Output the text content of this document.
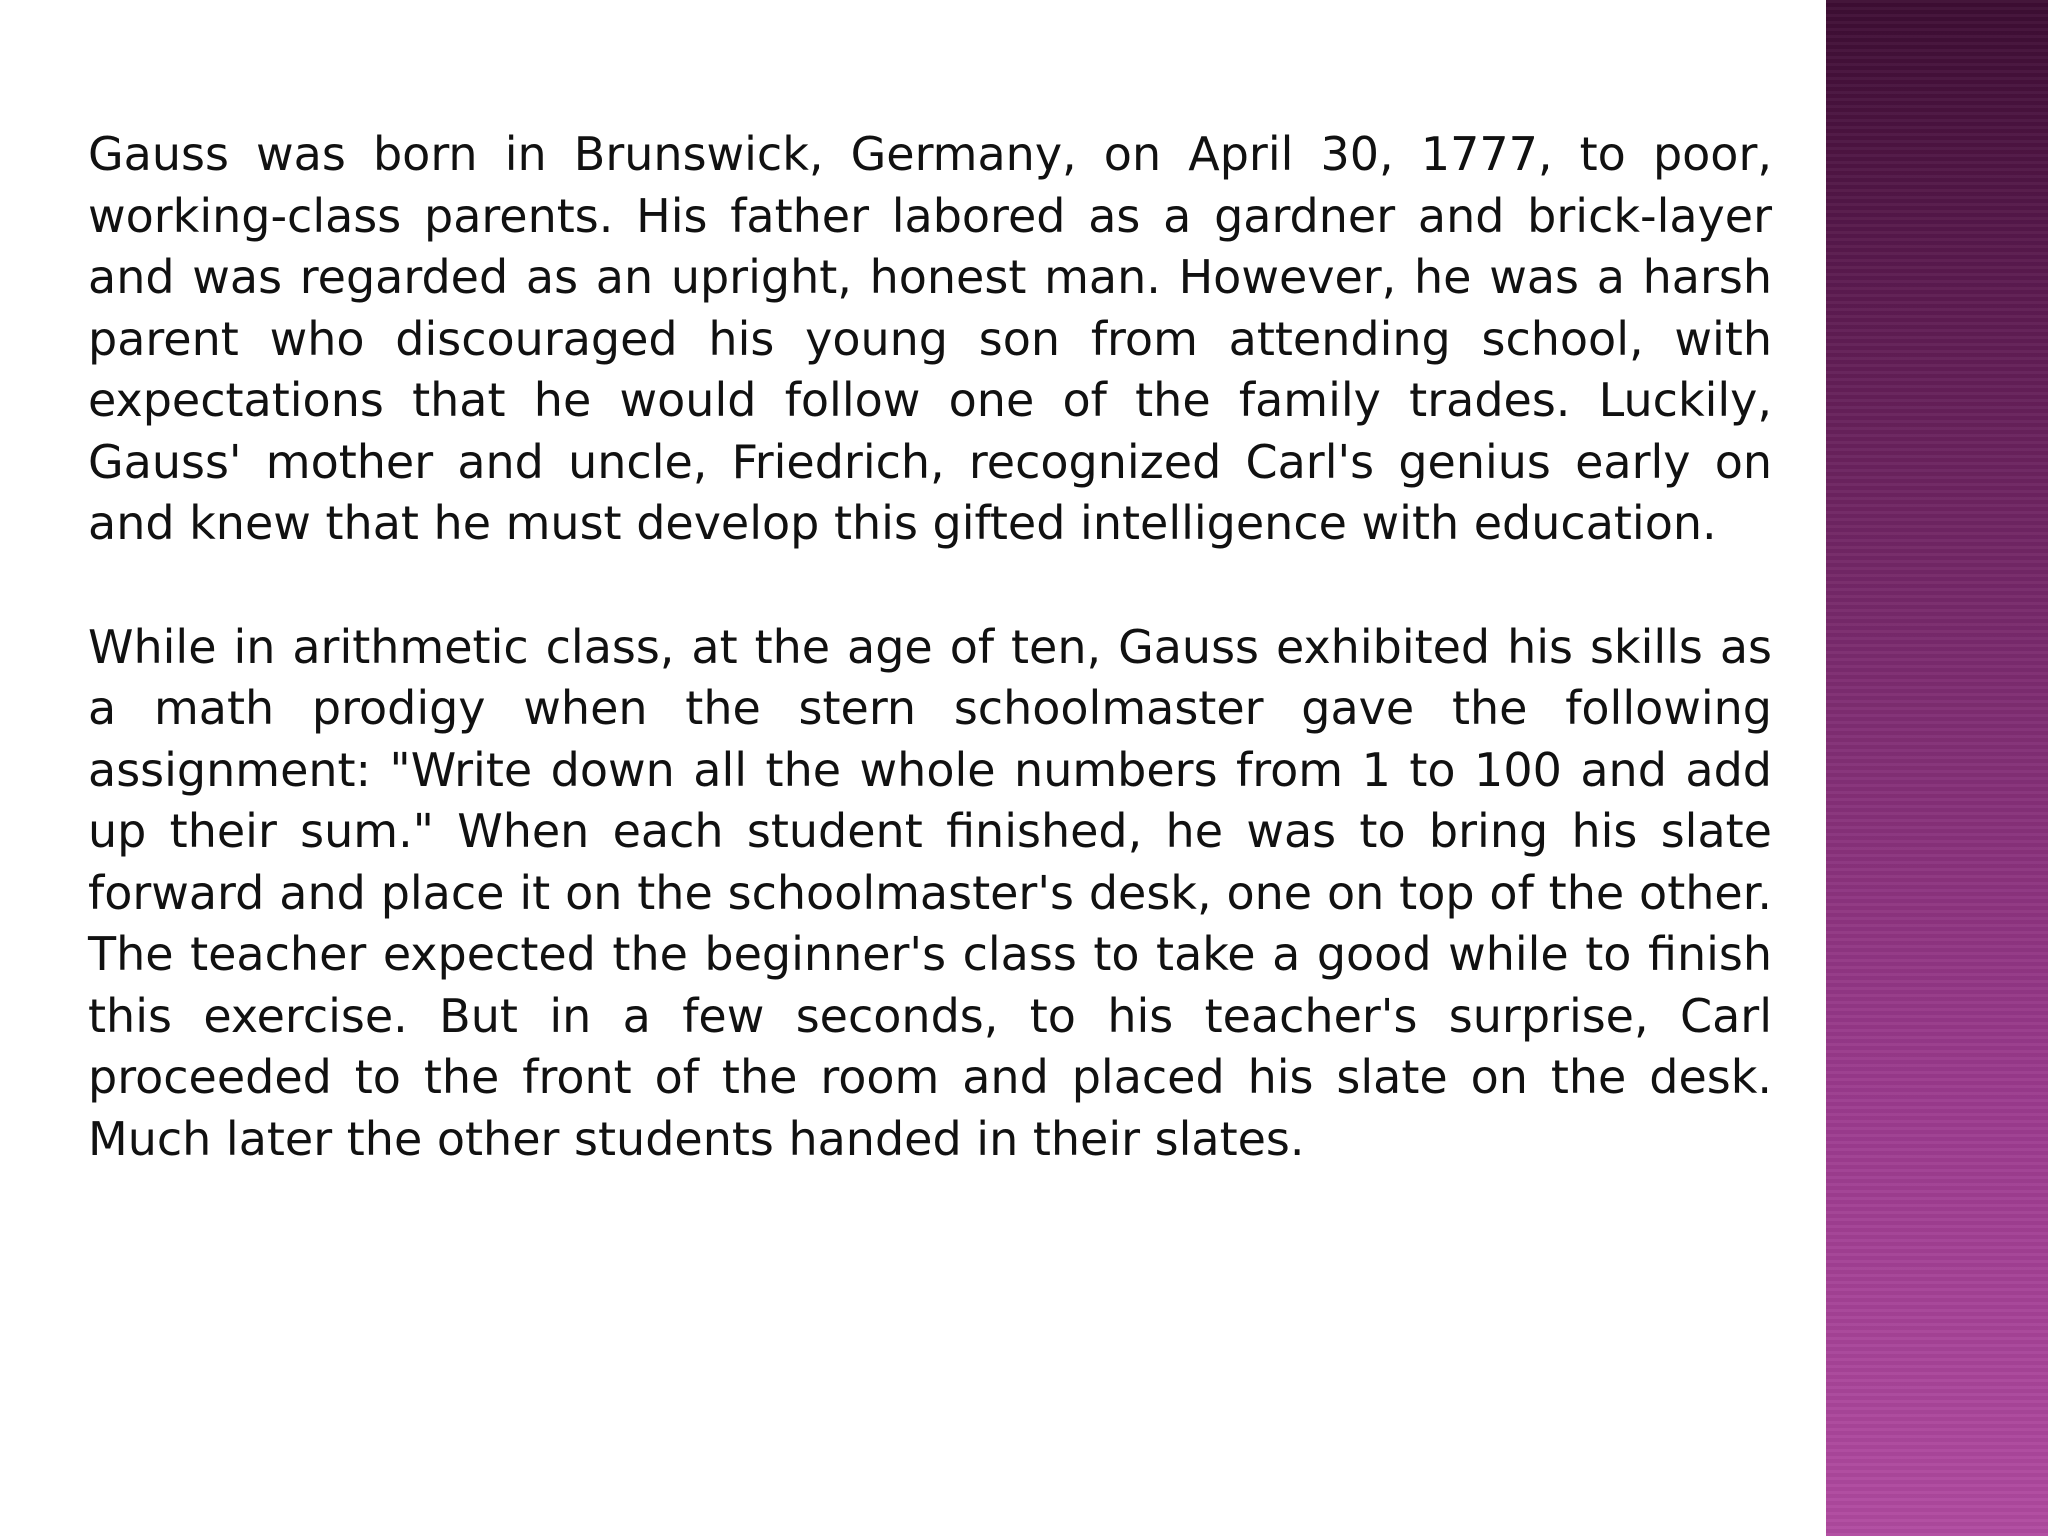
Gauss was born in Brunswick, Germany, on April 30, 1777, to poor, working-class parents. His father labored as a gardner and brick-layer and was regarded as an upright, honest man. However, he was a harsh parent who discouraged his young son from attending school, with expectations that he would follow one of the family trades. Luckily, Gauss' mother and uncle, Friedrich, recognized Carl's genius early on and knew that he must develop this gifted intelligence with education.

While in arithmetic class, at the age of ten, Gauss exhibited his skills as a math prodigy when the stern schoolmaster gave the following assignment: "Write down all the whole numbers from 1 to 100 and add up their sum." When each student finished, he was to bring his slate forward and place it on the schoolmaster's desk, one on top of the other. The teacher expected the beginner's class to take a good while to finish this exercise. But in a few seconds, to his teacher's surprise, Carl proceeded to the front of the room and placed his slate on the desk. Much later the other students handed in their slates.
